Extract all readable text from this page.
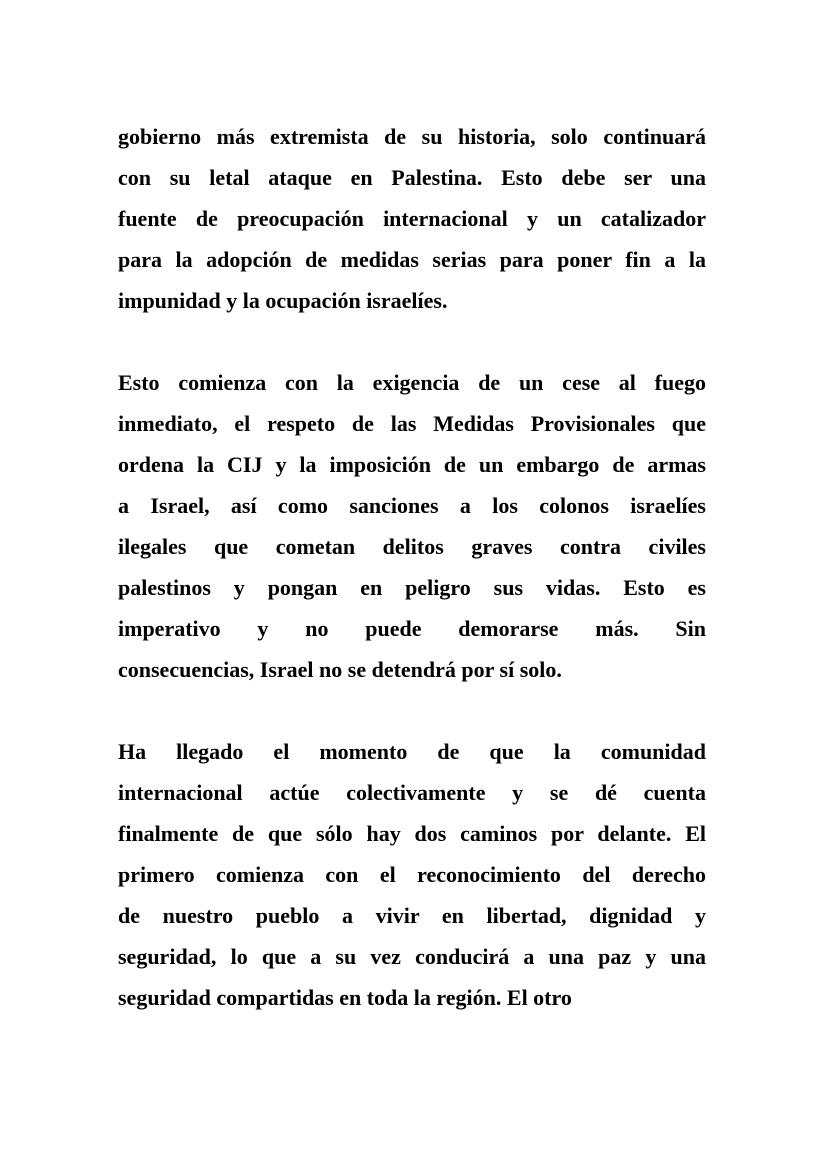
gobierno más extremista de su historia, solo continuará
con su letal ataque en Palestina. Esto debe ser una
fuente de preocupación internacional y un catalizador
para la adopción de medidas serias para poner fin a la
impunidad y la ocupación israelíes.
Esto comienza con la exigencia de un cese al fuego
inmediato, el respeto de las Medidas Provisionales que
ordena la CIJ y la imposición de un embargo de armas
a Israel, así como sanciones a los colonos israelíes
ilegales que cometan delitos graves contra civiles
palestinos y pongan en peligro sus vidas. Esto es
imperativo y no puede demorarse más. Sin
consecuencias, Israel no se detendrá por sí solo.
Ha llegado el momento de que la comunidad
internacional actúe colectivamente y se dé cuenta
finalmente de que sólo hay dos caminos por delante. El
primero comienza con el reconocimiento del derecho
de nuestro pueblo a vivir en libertad, dignidad y
seguridad, lo que a su vez conducirá a una paz y una
seguridad compartidas en toda la región. El otro
